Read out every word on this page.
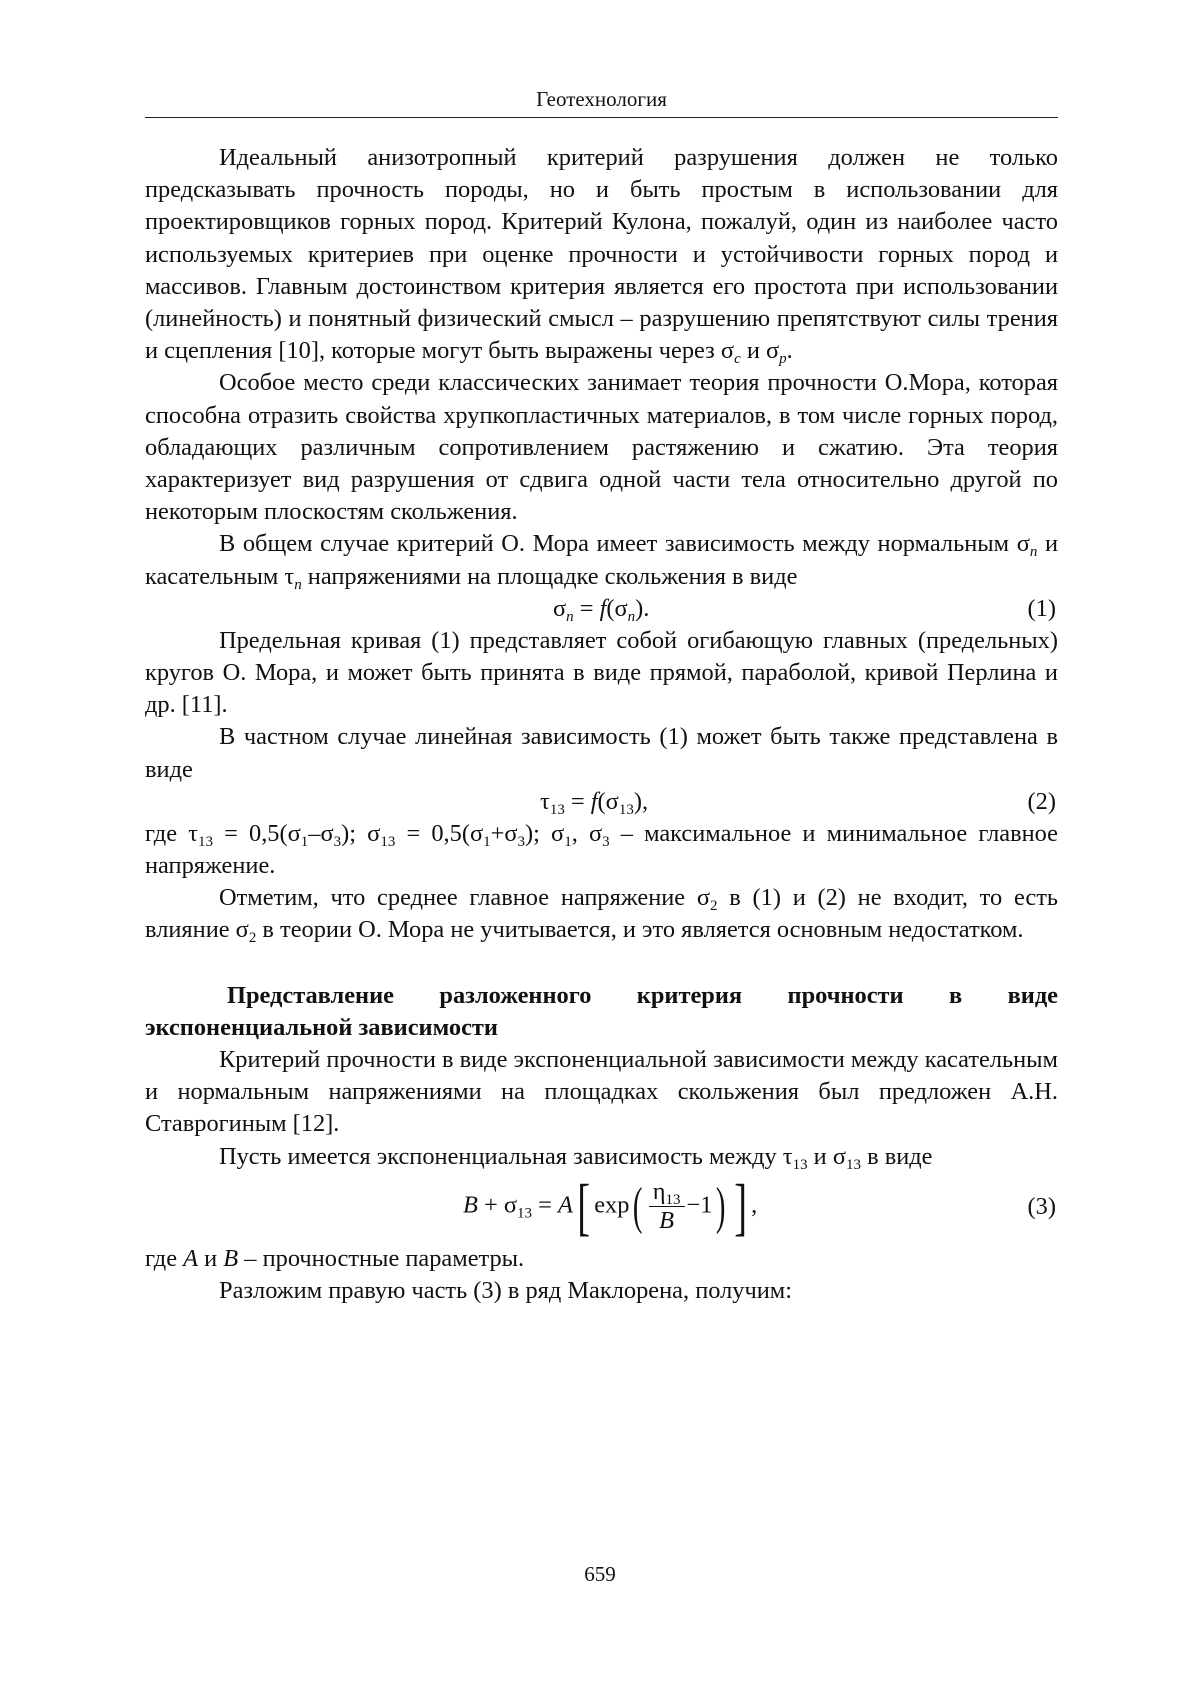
Геотехнология

Идеальный анизотропный критерий разрушения должен не только предсказывать прочность породы, но и быть простым в использовании для проектировщиков горных пород. Критерий Кулона, пожалуй, один из наиболее часто используемых критериев при оценке прочности и устойчивости горных пород и массивов. Главным достоинством критерия является его простота при использовании (линейность) и понятный физический смысл – разрушению препятствуют силы трения и сцепления [10], которые могут быть выражены через $\sigma_c$ и $\sigma_p$.

Особое место среди классических занимает теория прочности О.Мора, которая способна отразить свойства хрупкопластичных материалов, в том числе горных пород, обладающих различным сопротивлением растяжению и сжатию. Эта теория характеризует вид разрушения от сдвига одной части тела относительно другой по некоторым плоскостям скольжения.

В общем случае критерий О. Мора имеет зависимость между нормальным $\sigma_n$ и касательным $\tau_n$ напряжениями на площадке скольжения в виде

$\sigma_n = f(\sigma_n)$.	(1)

Предельная кривая (1) представляет собой огибающую главных (предельных) кругов О. Мора, и может быть принята в виде прямой, параболой, кривой Перлина и др. [11].

В частном случае линейная зависимость (1) может быть также представлена в виде

$\tau_{13} = f(\sigma_{13})$,	(2)

где $\tau_{13} = 0,5(\sigma_1-\sigma_3)$; $\sigma_{13} = 0,5(\sigma_1+\sigma_3)$; $\sigma_1$, $\sigma_3$ – максимальное и минимальное главное напряжение.

Отметим, что среднее главное напряжение $\sigma_2$ в (1) и (2) не входит, то есть влияние $\sigma_2$ в теории О. Мора не учитывается, и это является основным недостатком.

Представление разложенного критерия прочности в виде экспоненциальной зависимости

Критерий прочности в виде экспоненциальной зависимости между касательным и нормальным напряжениями на площадках скольжения был предложен А.Н. Ставрогиным [12].

Пусть имеется экспоненциальная зависимость между $\tau_{13}$ и $\sigma_{13}$ в виде

$B + \sigma_{13} = A$[ $\exp( \frac{\eta_{13}}{B} -1)$ ] ,	(3)

где A и B – прочностные параметры.

Разложим правую часть (3) в ряд Маклорена, получим:

659
